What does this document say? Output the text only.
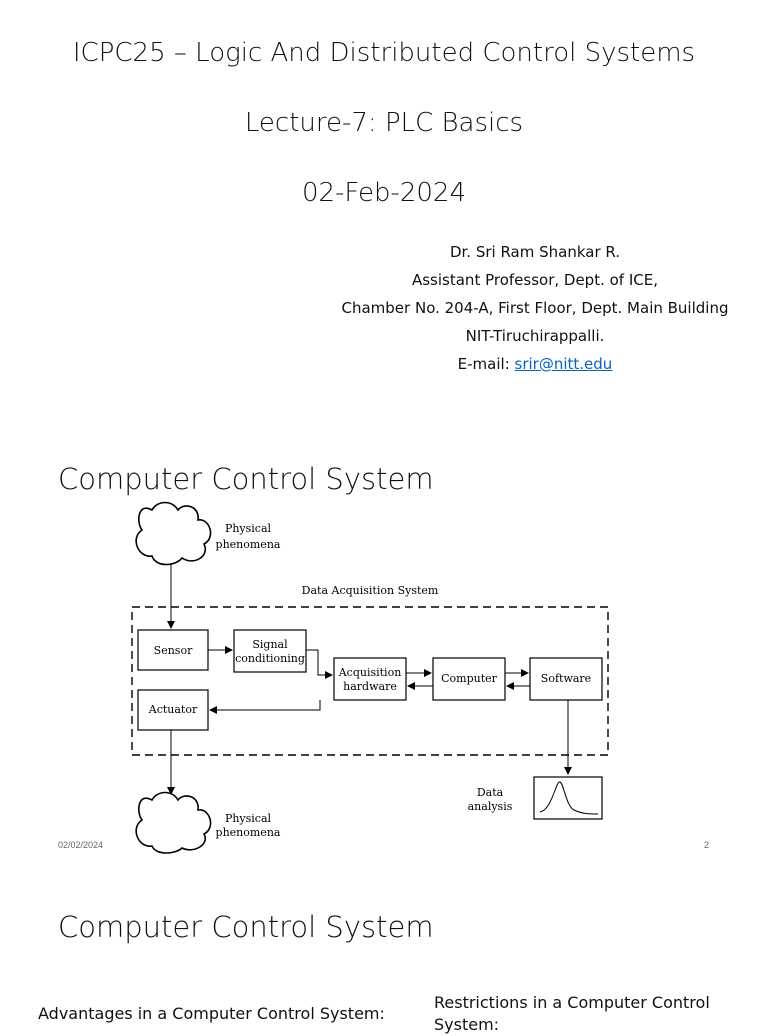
ICPC25 – Logic And Distributed Control Systems
Lecture-7: PLC Basics
02-Feb-2024
Dr. Sri Ram Shankar R.
Assistant Professor, Dept. of ICE,
Chamber No. 204-A, First Floor, Dept. Main Building
NIT-Tiruchirappalli.
E-mail: srir@nitt.edu
Computer Control System
Physical
phenomena
Data Acquisition System
Sensor	Signal
conditioning
Acquisition
hardware
Computer	Software
Actuator
Data
analysis
Physical
phenomena
02/02/2024	2
Computer Control System
Advantages in a Computer Control System:
Restrictions in a Computer Control
System:
